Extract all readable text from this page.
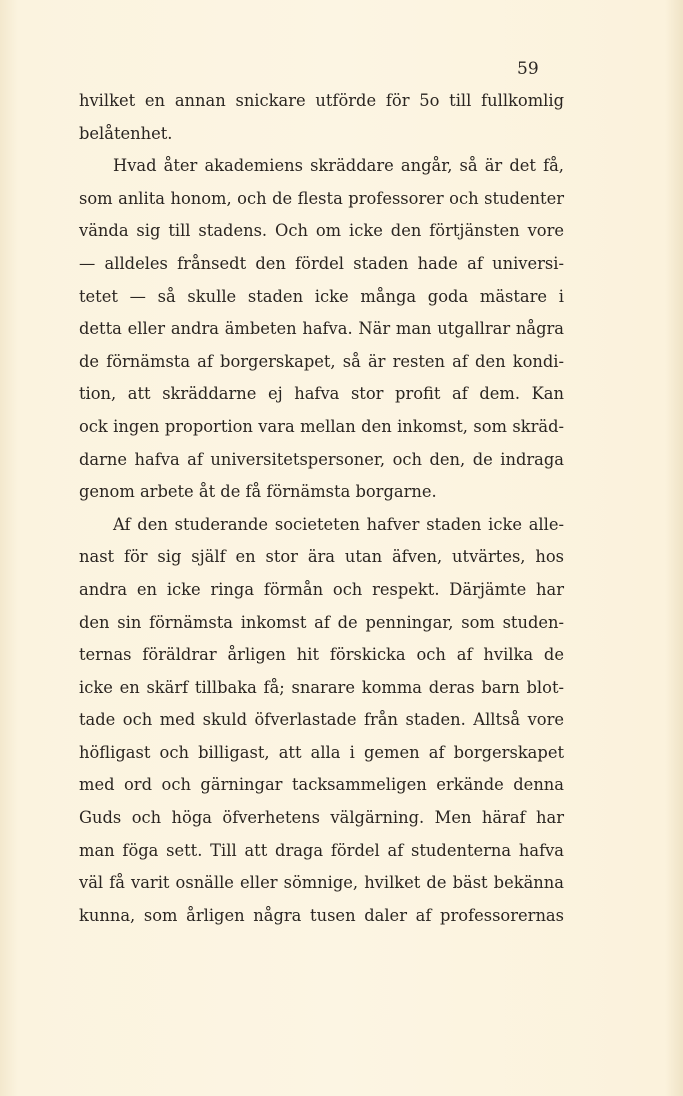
59
hvilket en annan snickare utförde för 5o till fullkomlig
belåtenhet.
Hvad åter akademiens skräddare angår, så är det få,
som anlita honom, och de flesta professorer och studenter
vända sig till stadens. Och om icke den förtjänsten vore
— alldeles frånsedt den fördel staden hade af universi-
tetet — så skulle staden icke många goda mästare i
detta eller andra ämbeten hafva. När man utgallrar några
de förnämsta af borgerskapet, så är resten af den kondi-
tion, att skräddarne ej hafva stor profit af dem. Kan
ock ingen proportion vara mellan den inkomst, som skräd-
darne hafva af universitetspersoner, och den, de indraga
genom arbete åt de få förnämsta borgarne.
Af den studerande societeten hafver staden icke alle-
nast för sig själf en stor ära utan äfven, utvärtes, hos
andra en icke ringa förmån och respekt. Därjämte har
den sin förnämsta inkomst af de penningar, som studen-
ternas föräldrar årligen hit förskicka och af hvilka de
icke en skärf tillbaka få; snarare komma deras barn blot-
tade och med skuld öfverlastade från staden. Alltså vore
höfligast och billigast, att alla i gemen af borgerskapet
med ord och gärningar tacksammeligen erkände denna
Guds och höga öfverhetens välgärning. Men häraf har
man föga sett. Till att draga fördel af studenterna hafva
väl få varit osnälle eller sömnige, hvilket de bäst bekänna
kunna, som årligen några tusen daler af professorernas
